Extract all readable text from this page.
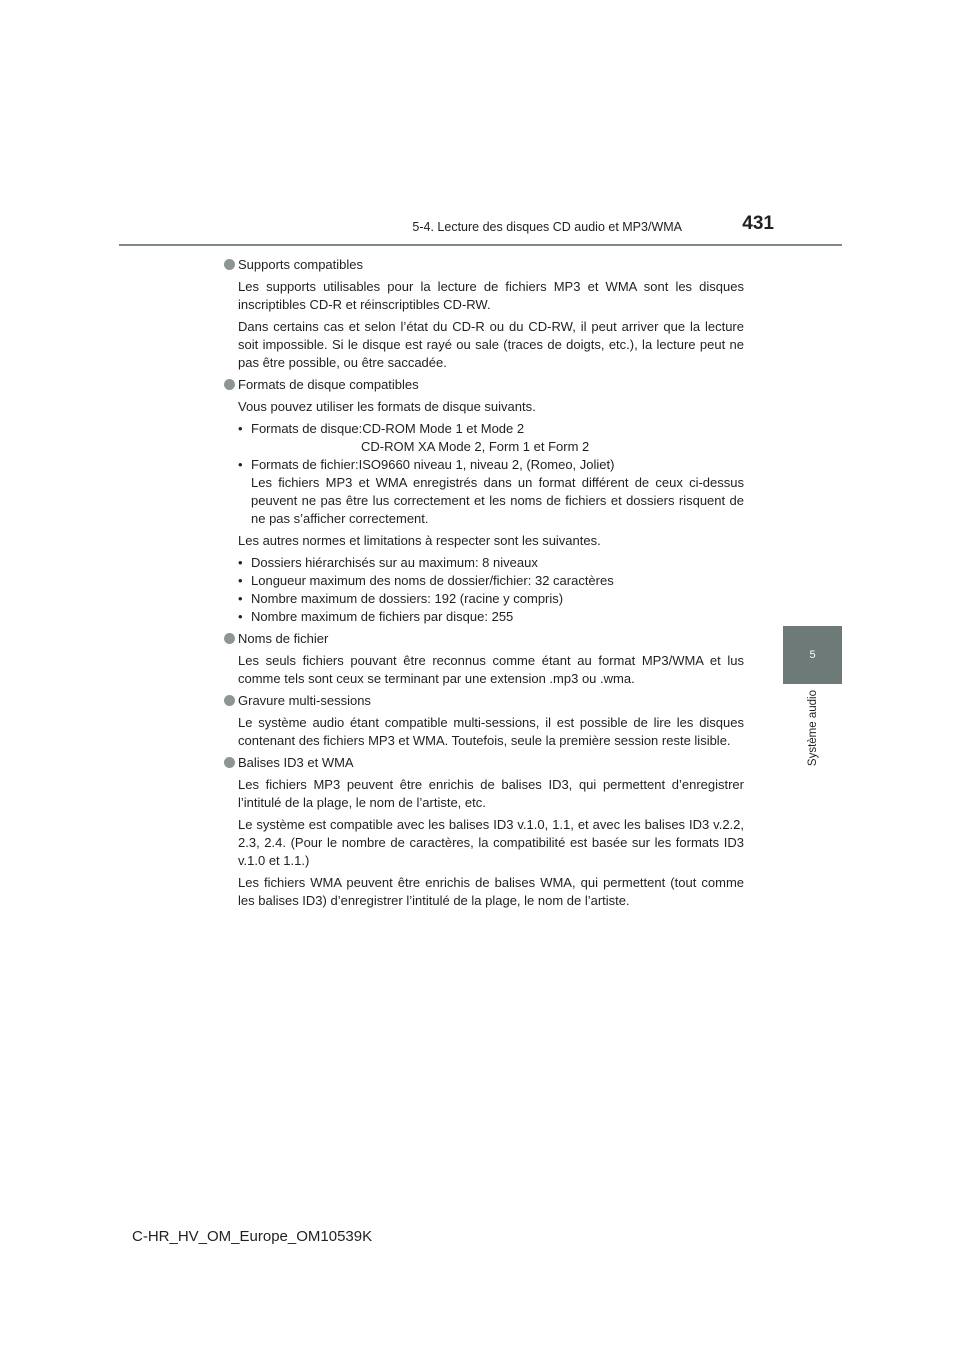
5-4. Lecture des disques CD audio et MP3/WMA	431
5
Système audio
Supports compatibles

Les supports utilisables pour la lecture de fichiers MP3 et WMA sont les disques inscriptibles CD-R et réinscriptibles CD-RW.

Dans certains cas et selon l’état du CD-R ou du CD-RW, il peut arriver que la lecture soit impossible. Si le disque est rayé ou sale (traces de doigts, etc.), la lecture peut ne pas être possible, ou être saccadée.

Formats de disque compatibles

Vous pouvez utiliser les formats de disque suivants.

• Formats de disque:CD-ROM Mode 1 et Mode 2
CD-ROM XA Mode 2, Form 1 et Form 2
• Formats de fichier:ISO9660 niveau 1, niveau 2, (Romeo, Joliet)
Les fichiers MP3 et WMA enregistrés dans un format différent de ceux ci-dessus peuvent ne pas être lus correctement et les noms de fichiers et dossiers risquent de ne pas s’afficher correctement.

Les autres normes et limitations à respecter sont les suivantes.

• Dossiers hiérarchisés sur au maximum: 8 niveaux
• Longueur maximum des noms de dossier/fichier: 32 caractères
• Nombre maximum de dossiers: 192 (racine y compris)
• Nombre maximum de fichiers par disque: 255
Noms de fichier

Les seuls fichiers pouvant être reconnus comme étant au format MP3/WMA et lus comme tels sont ceux se terminant par une extension .mp3 ou .wma.

Gravure multi-sessions

Le système audio étant compatible multi-sessions, il est possible de lire les disques contenant des fichiers MP3 et WMA. Toutefois, seule la première session reste lisible.

Balises ID3 et WMA

Les fichiers MP3 peuvent être enrichis de balises ID3, qui permettent d’enregistrer l’intitulé de la plage, le nom de l’artiste, etc.

Le système est compatible avec les balises ID3 v.1.0, 1.1, et avec les balises ID3 v.2.2, 2.3, 2.4. (Pour le nombre de caractères, la compatibilité est basée sur les formats ID3 v.1.0 et 1.1.)

Les fichiers WMA peuvent être enrichis de balises WMA, qui permettent (tout comme les balises ID3) d’enregistrer l’intitulé de la plage, le nom de l’artiste.

C-HR_HV_OM_Europe_OM10539K
